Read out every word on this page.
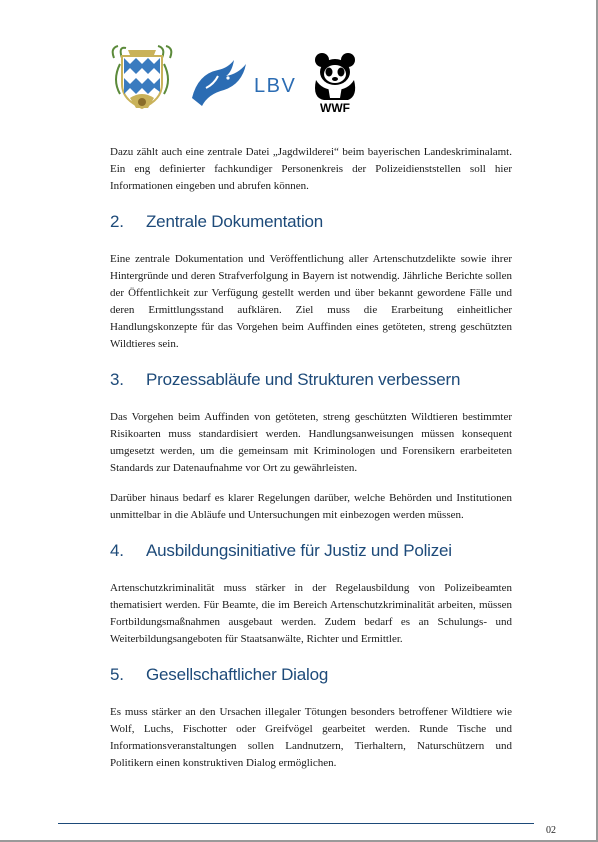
LBV
WWF

Dazu zählt auch eine zentrale Datei „Jagdwilderei“ beim bayerischen Landeskriminalamt. Ein eng definierter fachkundiger Personenkreis der Polizeidienststellen soll hier Informationen eingeben und abrufen können.

2.	Zentrale Dokumentation

Eine zentrale Dokumentation und Veröffentlichung aller Artenschutzdelikte sowie ihrer Hintergründe und deren Strafverfolgung in Bayern ist notwendig. Jährliche Berichte sollen der Öffentlichkeit zur Verfügung gestellt werden und über bekannt gewordene Fälle und deren Ermittlungsstand aufklären. Ziel muss die Erarbeitung einheitlicher Handlungskonzepte für das Vorgehen beim Auffinden eines getöteten, streng geschützten Wildtieres sein.

3.	Prozessabläufe und Strukturen verbessern

Das Vorgehen beim Auffinden von getöteten, streng geschützten Wildtieren bestimmter Risikoarten muss standardisiert werden. Handlungsanweisungen müssen konsequent umgesetzt werden, um die gemeinsam mit Kriminologen und Forensikern erarbeiteten Standards zur Datenaufnahme vor Ort zu gewährleisten.

Darüber hinaus bedarf es klarer Regelungen darüber, welche Behörden und Institutionen unmittelbar in die Abläufe und Untersuchungen mit einbezogen werden müssen.

4.	Ausbildungsinitiative für Justiz und Polizei

Artenschutzkriminalität muss stärker in der Regelausbildung von Polizeibeamten thematisiert werden. Für Beamte, die im Bereich Artenschutzkriminalität arbeiten, müssen Fortbildungsmaßnahmen ausgebaut werden. Zudem bedarf es an Schulungs- und Weiterbildungsangeboten für Staatsanwälte, Richter und Ermittler.

5.	Gesellschaftlicher Dialog

Es muss stärker an den Ursachen illegaler Tötungen besonders betroffener Wildtiere wie Wolf, Luchs, Fischotter oder Greifvögel gearbeitet werden. Runde Tische und Informationsveranstaltungen sollen Landnutzern, Tierhaltern, Naturschützern und Politikern einen konstruktiven Dialog ermöglichen.

02
